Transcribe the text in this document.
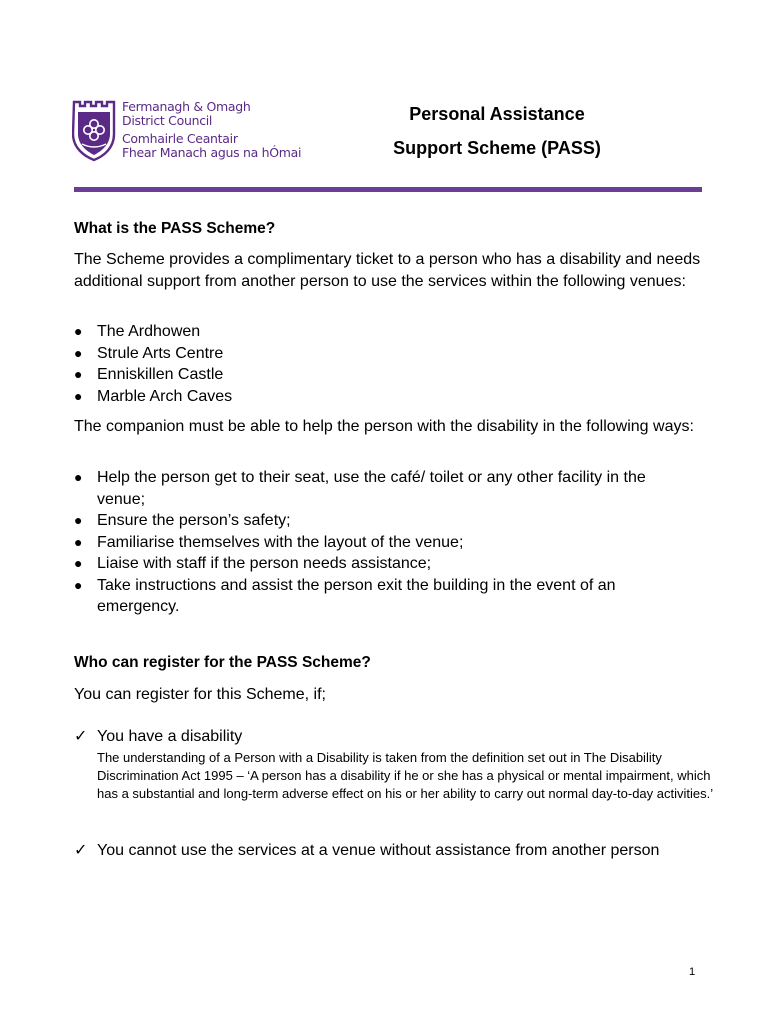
Fermanagh & Omagh
District Council
Comhairle Ceantair
Fhear Manach agus na hÓmai
Personal Assistance
Support Scheme (PASS)
What is the PASS Scheme?
The Scheme provides a complimentary ticket to a person who has a disability and needs additional support from another person to use the services within the following venues:
● The Ardhowen
● Strule Arts Centre
● Enniskillen Castle
● Marble Arch Caves
The companion must be able to help the person with the disability in the following ways:
● Help the person get to their seat, use the café/ toilet or any other facility in the venue;
● Ensure the person’s safety;
● Familiarise themselves with the layout of the venue;
● Liaise with staff if the person needs assistance;
● Take instructions and assist the person exit the building in the event of an emergency.
Who can register for the PASS Scheme?
You can register for this Scheme, if;
✓ You have a disability
The understanding of a Person with a Disability is taken from the definition set out in The Disability Discrimination Act 1995 – ‘A person has a disability if he or she has a physical or mental impairment, which has a substantial and long-term adverse effect on his or her ability to carry out normal day-to-day activities.’
✓ You cannot use the services at a venue without assistance from another person
1
